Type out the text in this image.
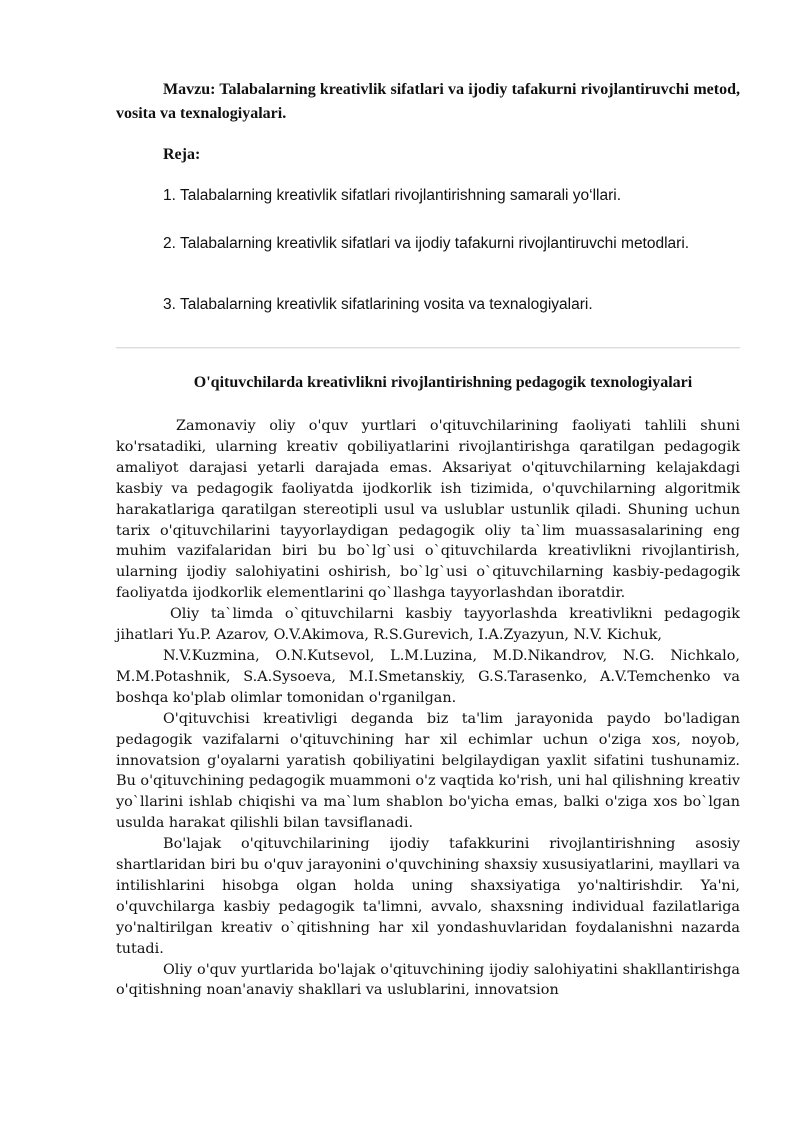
Mavzu: Talabalarning kreativlik sifatlari va ijodiy tafakurni rivojlantiruvchi metod, vosita va texnalogiyalari.
Reja:
1. Talabalarning kreativlik sifatlari rivojlantirishning samarali yo‘llari.
2. Talabalarning kreativlik sifatlari va ijodiy tafakurni rivojlantiruvchi metodlari.
3. Talabalarning kreativlik sifatlarining vosita va texnalogiyalari.
O'qituvchilarda kreativlikni rivojlantirishning pedagogik texnologiyalari

Zamonaviy oliy o'quv yurtlari o'qituvchilarining faoliyati tahlili shuni ko'rsatadiki, ularning kreativ qobiliyatlarini rivojlantirishga qaratilgan pedagogik amaliyot darajasi yetarli darajada emas. Aksariyat o'qituvchilarning kelajakdagi kasbiy va pedagogik faoliyatda ijodkorlik ish tizimida, o'quvchilarning algoritmik harakatlariga qaratilgan stereotipli usul va uslublar ustunlik qiladi. Shuning uchun tarix o'qituvchilarini tayyorlaydigan pedagogik oliy ta`lim muassasalarining eng muhim vazifalaridan biri bu bo`lg`usi o`qituvchilarda kreativlikni rivojlantirish, ularning ijodiy salohiyatini oshirish, bo`lg`usi o`qituvchilarning kasbiy-pedagogik faoliyatda ijodkorlik elementlarini qo`llashga tayyorlashdan iboratdir.

Oliy ta`limda o`qituvchilarni kasbiy tayyorlashda kreativlikni pedagogik jihatlari Yu.P. Azarov, O.V.Akimova, R.S.Gurevich, I.A.Zyazyun, N.V. Kichuk,

N.V.Kuzmina, O.N.Kutsevol, L.M.Luzina, M.D.Nikandrov, N.G. Nichkalo, M.M.Potashnik, S.A.Sysoeva, M.I.Smetanskiy, G.S.Tarasenko, A.V.Temchenko va boshqa ko'plab olimlar tomonidan o'rganilgan.

O'qituvchisi kreativligi deganda biz ta'lim jarayonida paydo bo'ladigan pedagogik vazifalarni o'qituvchining har xil echimlar uchun o'ziga xos, noyob, innovatsion g'oyalarni yaratish qobiliyatini belgilaydigan yaxlit sifatini tushunamiz. Bu o'qituvchining pedagogik muammoni o'z vaqtida ko'rish, uni hal qilishning kreativ yo`llarini ishlab chiqishi va ma`lum shablon bo'yicha emas, balki o'ziga xos bo`lgan usulda harakat qilishli bilan tavsiflanadi.

Bo'lajak o'qituvchilarining ijodiy tafakkurini rivojlantirishning asosiy shartlaridan biri bu o'quv jarayonini o'quvchining shaxsiy xususiyatlarini, mayllari va intilishlarini hisobga olgan holda uning shaxsiyatiga yo'naltirishdir. Ya'ni, o'quvchilarga kasbiy pedagogik ta'limni, avvalo, shaxsning individual fazilatlariga yo'naltirilgan kreativ o`qitishning har xil yondashuvlaridan foydalanishni nazarda tutadi.

Oliy o'quv yurtlarida bo'lajak o'qituvchining ijodiy salohiyatini shakllantirishga o'qitishning noan'anaviy shakllari va uslublarini, innovatsion
